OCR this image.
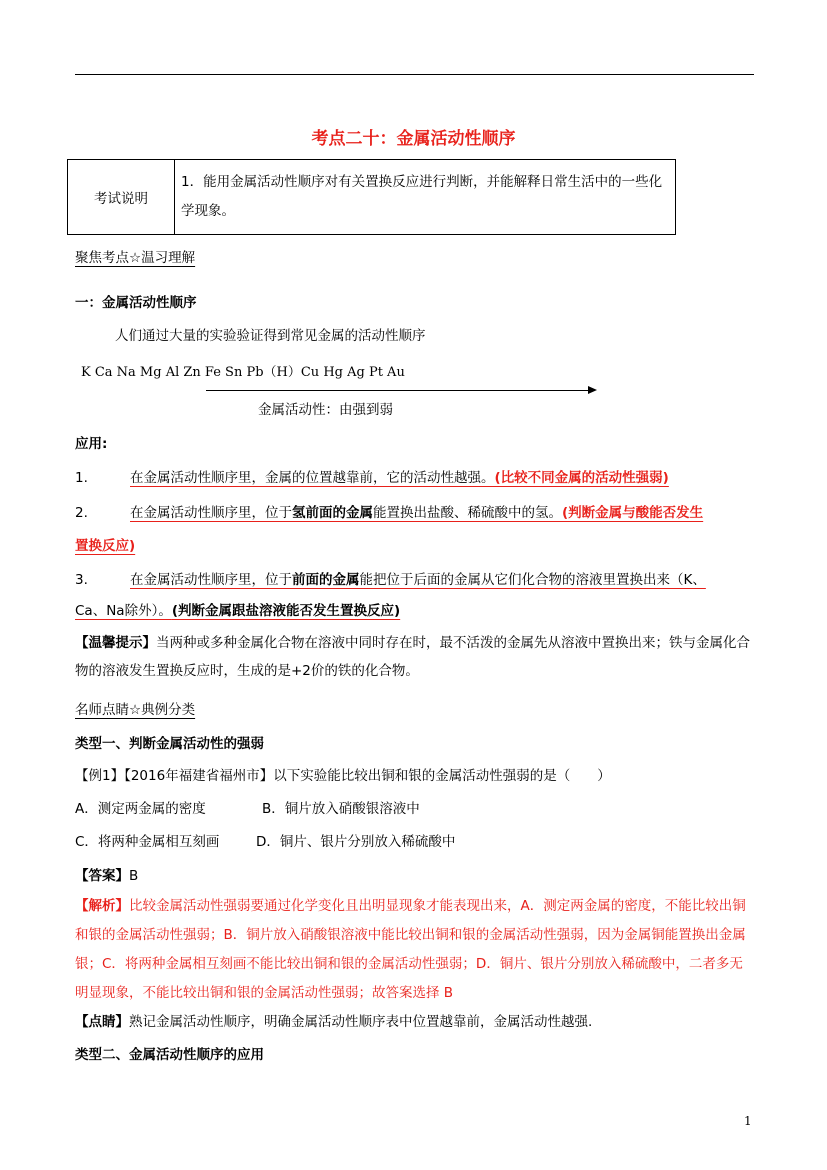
考点二十：金属活动性顺序
考试说明	1．能用金属活动性顺序对有关置换反应进行判断，并能解释日常生活中的一些化学现象。
聚焦考点☆温习理解
一：金属活动性顺序
人们通过大量的实验验证得到常见金属的活动性顺序
K Ca Na Mg Al Zn Fe Sn Pb（H）Cu Hg Ag Pt Au
金属活动性：由强到弱
应用:
1.	在金属活动性顺序里，金属的位置越靠前，它的活动性越强。(比较不同金属的活动性强弱)
2.	在金属活动性顺序里，位于氢前面的金属能置换出盐酸、稀硫酸中的氢。(判断金属与酸能否发生
置换反应)
3.	在金属活动性顺序里，位于前面的金属能把位于后面的金属从它们化合物的溶液里置换出来（K、
Ca、Na除外）。(判断金属跟盐溶液能否发生置换反应)
【温馨提示】当两种或多种金属化合物在溶液中同时存在时，最不活泼的金属先从溶液中置换出来；铁与金属化合物的溶液发生置换反应时，生成的是+2价的铁的化合物。
名师点睛☆典例分类
类型一、判断金属活动性的强弱
【例1】【2016年福建省福州市】以下实验能比较出铜和银的金属活动性强弱的是（　　）
A．测定两金属的密度	B．铜片放入硝酸银溶液中
C．将两种金属相互刻画	D．铜片、银片分别放入稀硫酸中
【答案】B
【解析】比较金属活动性强弱要通过化学变化且出明显现象才能表现出来，A．测定两金属的密度，不能比较出铜和银的金属活动性强弱；B．铜片放入硝酸银溶液中能比较出铜和银的金属活动性强弱，因为金属铜能置换出金属银；C．将两种金属相互刻画不能比较出铜和银的金属活动性强弱；D．铜片、银片分别放入稀硫酸中，二者多无明显现象，不能比较出铜和银的金属活动性强弱；故答案选择 B
【点睛】熟记金属活动性顺序，明确金属活动性顺序表中位置越靠前，金属活动性越强.
类型二、金属活动性顺序的应用
1
